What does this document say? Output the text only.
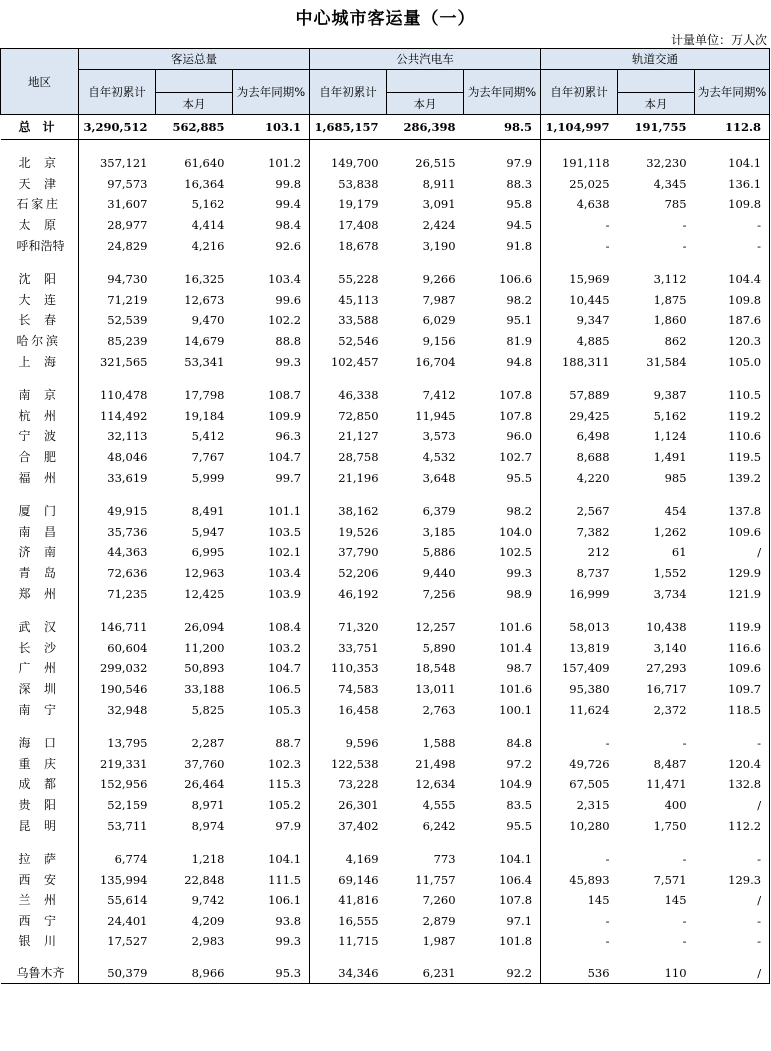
中心城市客运量（一）
计量单位：万人次
地区	客运总量			公共汽电车			轨道交通		
	自年初累计		为去年同期%	自年初累计		为去年同期%	自年初累计		为去年同期%
		本月			本月			本月	
总　计	3,290,512	562,885	103.1	1,685,157	286,398	98.5	1,104,997	191,755	112.8

北京	357,121	61,640	101.2	149,700	26,515	97.9	191,118	32,230	104.1
天津	97,573	16,364	99.8	53,838	8,911	88.3	25,025	4,345	136.1
石家庄	31,607	5,162	99.4	19,179	3,091	95.8	4,638	785	109.8
太原	28,977	4,414	98.4	17,408	2,424	94.5	-	-	-
呼和浩特	24,829	4,216	92.6	18,678	3,190	91.8	-	-	-

沈阳	94,730	16,325	103.4	55,228	9,266	106.6	15,969	3,112	104.4
大连	71,219	12,673	99.6	45,113	7,987	98.2	10,445	1,875	109.8
长春	52,539	9,470	102.2	33,588	6,029	95.1	9,347	1,860	187.6
哈尔滨	85,239	14,679	88.8	52,546	9,156	81.9	4,885	862	120.3
上海	321,565	53,341	99.3	102,457	16,704	94.8	188,311	31,584	105.0

南京	110,478	17,798	108.7	46,338	7,412	107.8	57,889	9,387	110.5
杭州	114,492	19,184	109.9	72,850	11,945	107.8	29,425	5,162	119.2
宁波	32,113	5,412	96.3	21,127	3,573	96.0	6,498	1,124	110.6
合肥	48,046	7,767	104.7	28,758	4,532	102.7	8,688	1,491	119.5
福州	33,619	5,999	99.7	21,196	3,648	95.5	4,220	985	139.2

厦门	49,915	8,491	101.1	38,162	6,379	98.2	2,567	454	137.8
南昌	35,736	5,947	103.5	19,526	3,185	104.0	7,382	1,262	109.6
济南	44,363	6,995	102.1	37,790	5,886	102.5	212	61	/
青岛	72,636	12,963	103.4	52,206	9,440	99.3	8,737	1,552	129.9
郑州	71,235	12,425	103.9	46,192	7,256	98.9	16,999	3,734	121.9

武汉	146,711	26,094	108.4	71,320	12,257	101.6	58,013	10,438	119.9
长沙	60,604	11,200	103.2	33,751	5,890	101.4	13,819	3,140	116.6
广州	299,032	50,893	104.7	110,353	18,548	98.7	157,409	27,293	109.6
深圳	190,546	33,188	106.5	74,583	13,011	101.6	95,380	16,717	109.7
南宁	32,948	5,825	105.3	16,458	2,763	100.1	11,624	2,372	118.5

海口	13,795	2,287	88.7	9,596	1,588	84.8	-	-	-
重庆	219,331	37,760	102.3	122,538	21,498	97.2	49,726	8,487	120.4
成都	152,956	26,464	115.3	73,228	12,634	104.9	67,505	11,471	132.8
贵阳	52,159	8,971	105.2	26,301	4,555	83.5	2,315	400	/
昆明	53,711	8,974	97.9	37,402	6,242	95.5	10,280	1,750	112.2

拉萨	6,774	1,218	104.1	4,169	773	104.1	-	-	-
西安	135,994	22,848	111.5	69,146	11,757	106.4	45,893	7,571	129.3
兰州	55,614	9,742	106.1	41,816	7,260	107.8	145	145	/
西宁	24,401	4,209	93.8	16,555	2,879	97.1	-	-	-
银川	17,527	2,983	99.3	11,715	1,987	101.8	-	-	-

乌鲁木齐	50,379	8,966	95.3	34,346	6,231	92.2	536	110	/
